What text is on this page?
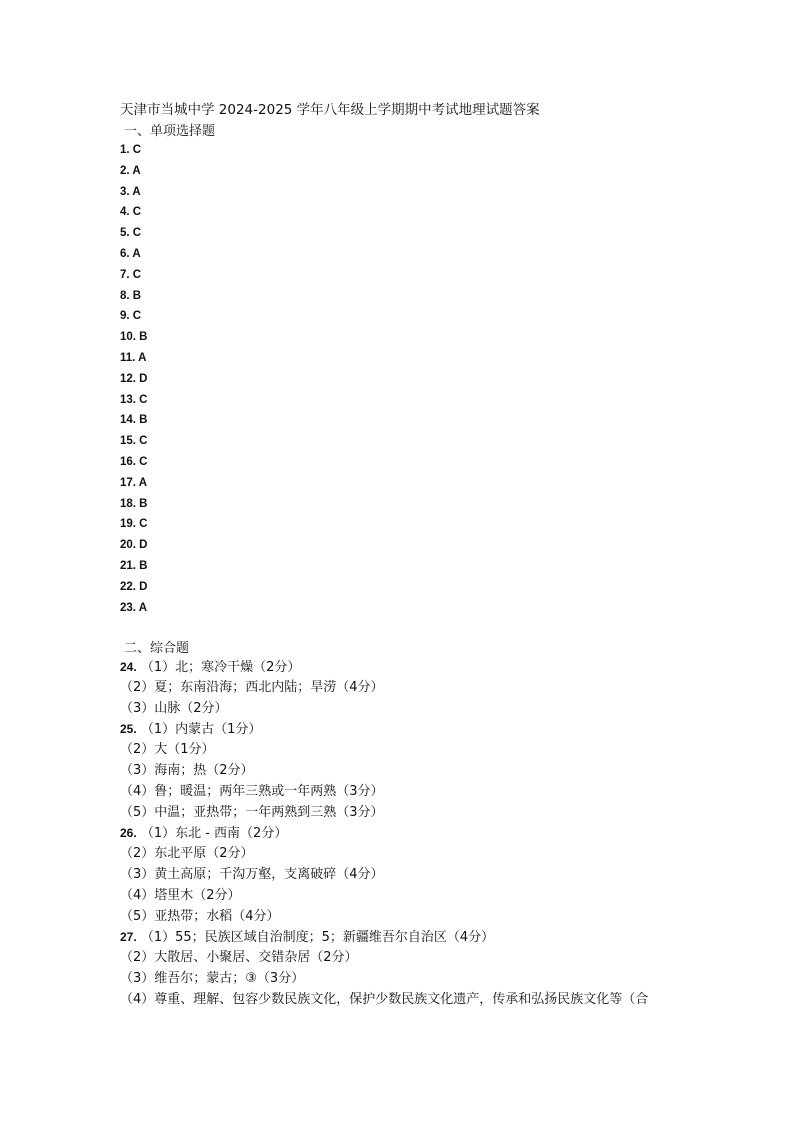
天津市当城中学 2024-2025 学年八年级上学期期中考试地理试题答案
一、单项选择题
1. C
2. A
3. A
4. C
5. C
6. A
7. C
8. B
9. C
10. B
11. A
12. D
13. C
14. B
15. C
16. C
17. A
18. B
19. C
20. D
21. B
22. D
23. A
二、综合题
24. （1）北；寒冷干燥（2分）
（2）夏；东南沿海；西北内陆；旱涝（4分）
（3）山脉（2分）
25. （1）内蒙古（1分）
（2）大（1分）
（3）海南；热（2分）
（4）鲁；暖温；两年三熟或一年两熟（3分）
（5）中温；亚热带；一年两熟到三熟（3分）
26. （1）东北 - 西南（2分）
（2）东北平原（2分）
（3）黄土高原；千沟万壑，支离破碎（4分）
（4）塔里木（2分）
（5）亚热带；水稻（4分）
27. （1）55；民族区域自治制度；5；新疆维吾尔自治区（4分）
（2）大散居、小聚居、交错杂居（2分）
（3）维吾尔；蒙古；③（3分）
（4）尊重、理解、包容少数民族文化，保护少数民族文化遗产，传承和弘扬民族文化等（合
